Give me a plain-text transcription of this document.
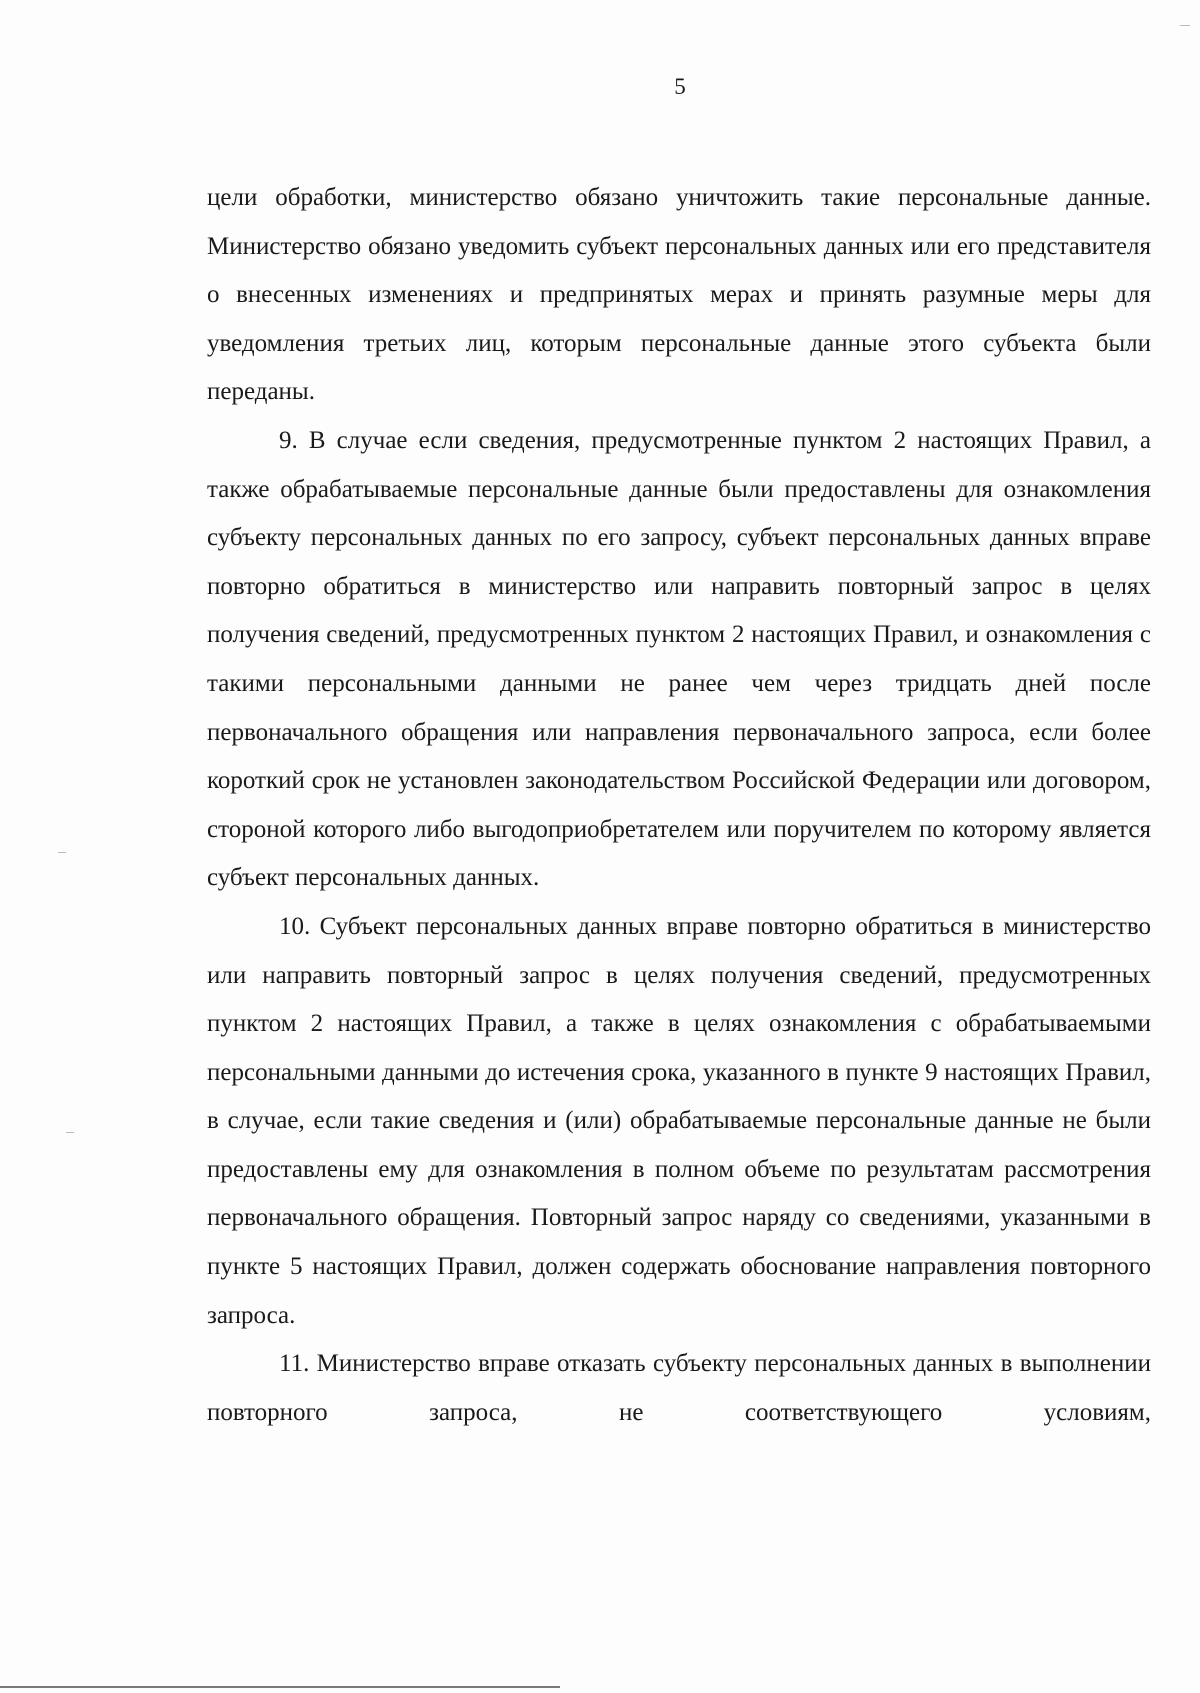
5

цели обработки, министерство обязано уничтожить такие персональные данные. Министерство обязано уведомить субъект персональных данных или его представителя о внесенных изменениях и предпринятых мерах и принять разумные меры для уведомления третьих лиц, которым персональные данные этого субъекта были переданы.

9. В случае если сведения, предусмотренные пунктом 2 настоящих Правил, а также обрабатываемые персональные данные были предоставлены для ознакомления субъекту персональных данных по его запросу, субъект персональных данных вправе повторно обратиться в министерство или направить повторный запрос в целях получения сведений, предусмотренных пунктом 2 настоящих Правил, и ознакомления с такими персональными данными не ранее чем через тридцать дней после первоначального обращения или направления первоначального запроса, если более короткий срок не установлен законодательством Российской Федерации или договором, стороной которого либо выгодоприобретателем или поручителем по которому является субъект персональных данных.

10. Субъект персональных данных вправе повторно обратиться в министерство или направить повторный запрос в целях получения сведений, предусмотренных пунктом 2 настоящих Правил, а также в целях ознакомления с обрабатываемыми персональными данными до истечения срока, указанного в пункте 9 настоящих Правил, в случае, если такие сведения и (или) обрабатываемые персональные данные не были предоставлены ему для ознакомления в полном объеме по результатам рассмотрения первоначального обращения. Повторный запрос наряду со сведениями, указанными в пункте 5 настоящих Правил, должен содержать обоснование направления повторного запроса.

11. Министерство вправе отказать субъекту персональных данных в выполнении повторного запроса, не соответствующего условиям,
